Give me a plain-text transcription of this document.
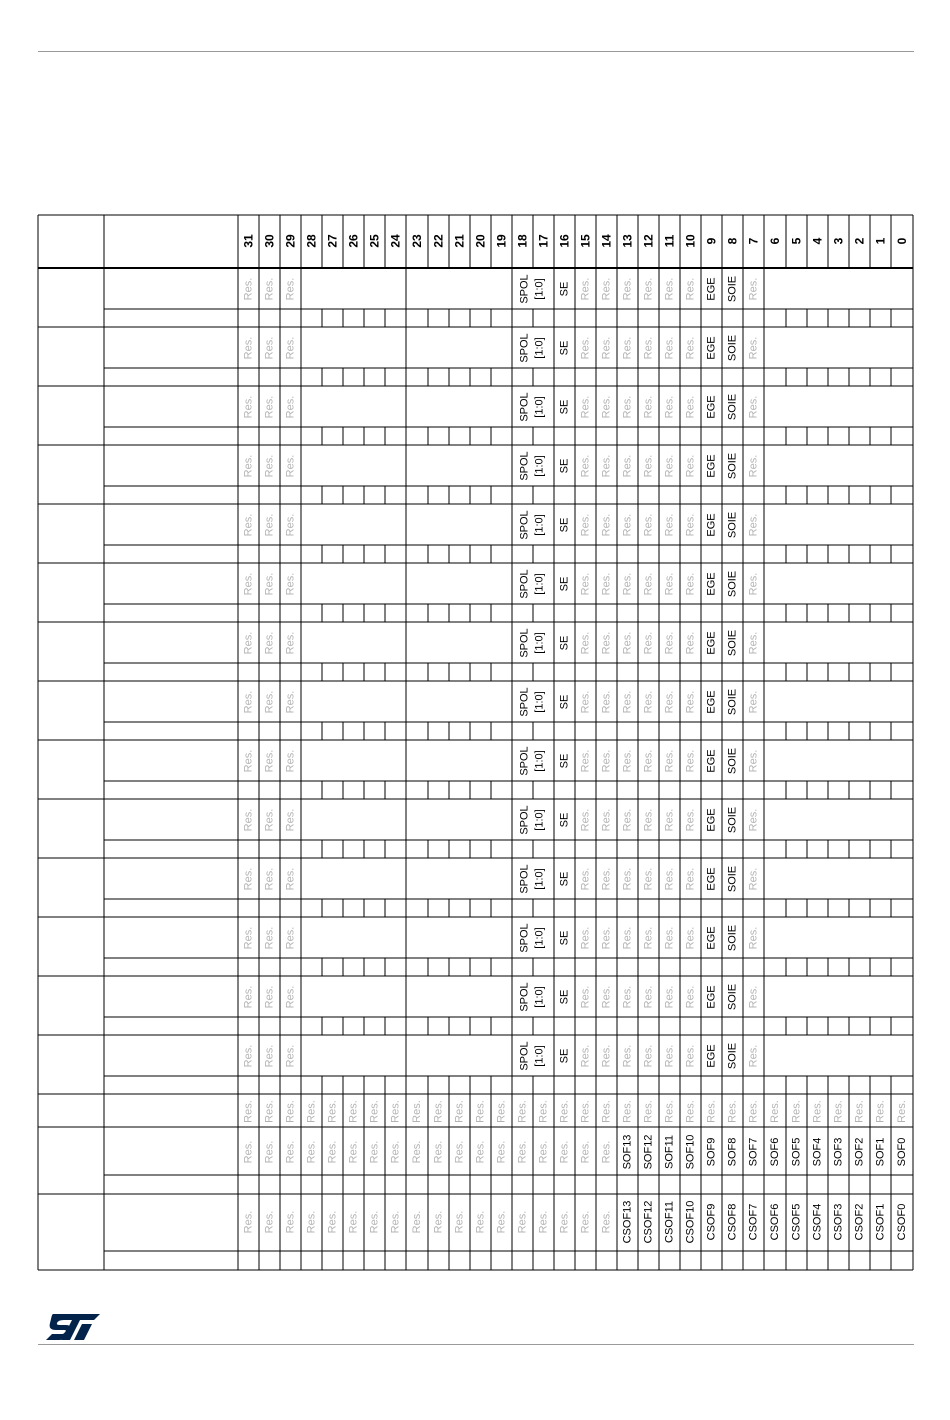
31 30 29 28 27 26 25 24 23 22 21 20 19 18 17 16 15 14 13 12 11 10 9 8 7 6 5 4 3 2 1 0
Res. Res. Res.	SPOL [1:0] SE Res. Res. Res. Res. Res. Res. EGE SOIE Res.
Res. Res. Res.	SPOL [1:0] SE Res. Res. Res. Res. Res. Res. EGE SOIE Res.
Res. Res. Res.	SPOL [1:0] SE Res. Res. Res. Res. Res. Res. EGE SOIE Res.
Res. Res. Res.	SPOL [1:0] SE Res. Res. Res. Res. Res. Res. EGE SOIE Res.
Res. Res. Res.	SPOL [1:0] SE Res. Res. Res. Res. Res. Res. EGE SOIE Res.
Res. Res. Res.	SPOL [1:0] SE Res. Res. Res. Res. Res. Res. EGE SOIE Res.
Res. Res. Res.	SPOL [1:0] SE Res. Res. Res. Res. Res. Res. EGE SOIE Res.
Res. Res. Res.	SPOL [1:0] SE Res. Res. Res. Res. Res. Res. EGE SOIE Res.
Res. Res. Res.	SPOL [1:0] SE Res. Res. Res. Res. Res. Res. EGE SOIE Res.
Res. Res. Res.	SPOL [1:0] SE Res. Res. Res. Res. Res. Res. EGE SOIE Res.
Res. Res. Res.	SPOL [1:0] SE Res. Res. Res. Res. Res. Res. EGE SOIE Res.
Res. Res. Res.	SPOL [1:0] SE Res. Res. Res. Res. Res. Res. EGE SOIE Res.
Res. Res. Res.	SPOL [1:0] SE Res. Res. Res. Res. Res. Res. EGE SOIE Res.
Res. Res. Res.	SPOL [1:0] SE Res. Res. Res. Res. Res. Res. EGE SOIE Res.
Res. Res. Res. Res. Res. Res. Res. Res. Res. Res. Res. Res. Res. Res. Res. Res. Res. Res. Res. Res. Res. Res. Res. Res. Res. Res. Res. Res. Res. Res. Res. Res.
Res. Res. Res. Res. Res. Res. Res. Res. Res. Res. Res. Res. Res. Res. Res. Res. Res. Res. SOF13 SOF12 SOF11 SOF10 SOF9 SOF8 SOF7 SOF6 SOF5 SOF4 SOF3 SOF2 SOF1 SOF0
Res. Res. Res. Res. Res. Res. Res. Res. Res. Res. Res. Res. Res. Res. Res. Res. Res. Res. CSOF13 CSOF12 CSOF11 CSOF10 CSOF9 CSOF8 CSOF7 CSOF6 CSOF5 CSOF4 CSOF3 CSOF2 CSOF1 CSOF0
